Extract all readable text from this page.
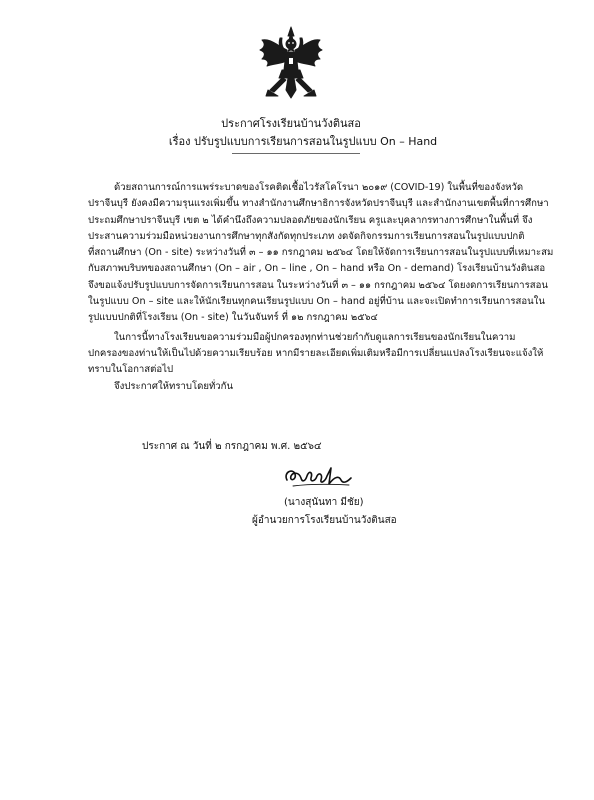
ประกาศโรงเรียนบ้านวังตินสอ
เรื่อง ปรับรูปแบบการเรียนการสอนในรูปแบบ On – Hand
ด้วยสถานการณ์การแพร่ระบาดของโรคติดเชื้อไวรัสโคโรนา ๒๐๑๙ (COVID-19) ในพื้นที่ของจังหวัด
ปราจีนบุรี ยังคงมีความรุนแรงเพิ่มขึ้น ทางสำนักงานศึกษาธิการจังหวัดปราจีนบุรี และสำนักงานเขตพื้นที่การศึกษา
ประถมศึกษาปราจีนบุรี เขต ๒ ได้คำนึงถึงความปลอดภัยของนักเรียน ครูและบุคลากรทางการศึกษาในพื้นที่ จึง
ประสานความร่วมมือหน่วยงานการศึกษาทุกสังกัดทุกประเภท งดจัดกิจกรรมการเรียนการสอนในรูปแบบปกติ
ที่สถานศึกษา (On - site) ระหว่างวันที่ ๓ – ๑๑ กรกฎาคม ๒๕๖๔ โดยให้จัดการเรียนการสอนในรูปแบบที่เหมาะสม
กับสภาพบริบทของสถานศึกษา (On – air , On – line , On – hand หรือ On - demand) โรงเรียนบ้านวังตินสอ
จึงขอแจ้งปรับรูปแบบการจัดการเรียนการสอน ในระหว่างวันที่ ๓ – ๑๑ กรกฎาคม ๒๕๖๔ โดยงดการเรียนการสอน
ในรูปแบบ On – site และให้นักเรียนทุกคนเรียนรูปแบบ On – hand อยู่ที่บ้าน และจะเปิดทำการเรียนการสอนใน
รูปแบบปกติที่โรงเรียน (On - site) ในวันจันทร์ ที่ ๑๒ กรกฎาคม ๒๕๖๔
ในการนี้ทางโรงเรียนขอความร่วมมือผู้ปกครองทุกท่านช่วยกำกับดูแลการเรียนของนักเรียนในความ
ปกครองของท่านให้เป็นไปด้วยความเรียบร้อย หากมีรายละเอียดเพิ่มเติมหรือมีการเปลี่ยนแปลงโรงเรียนจะแจ้งให้
ทราบในโอกาสต่อไป
จึงประกาศให้ทราบโดยทั่วกัน
ประกาศ ณ วันที่ ๒ กรกฎาคม พ.ศ. ๒๕๖๔
(นางสุนันทา มีชัย)
ผู้อำนวยการโรงเรียนบ้านวังตินสอ
